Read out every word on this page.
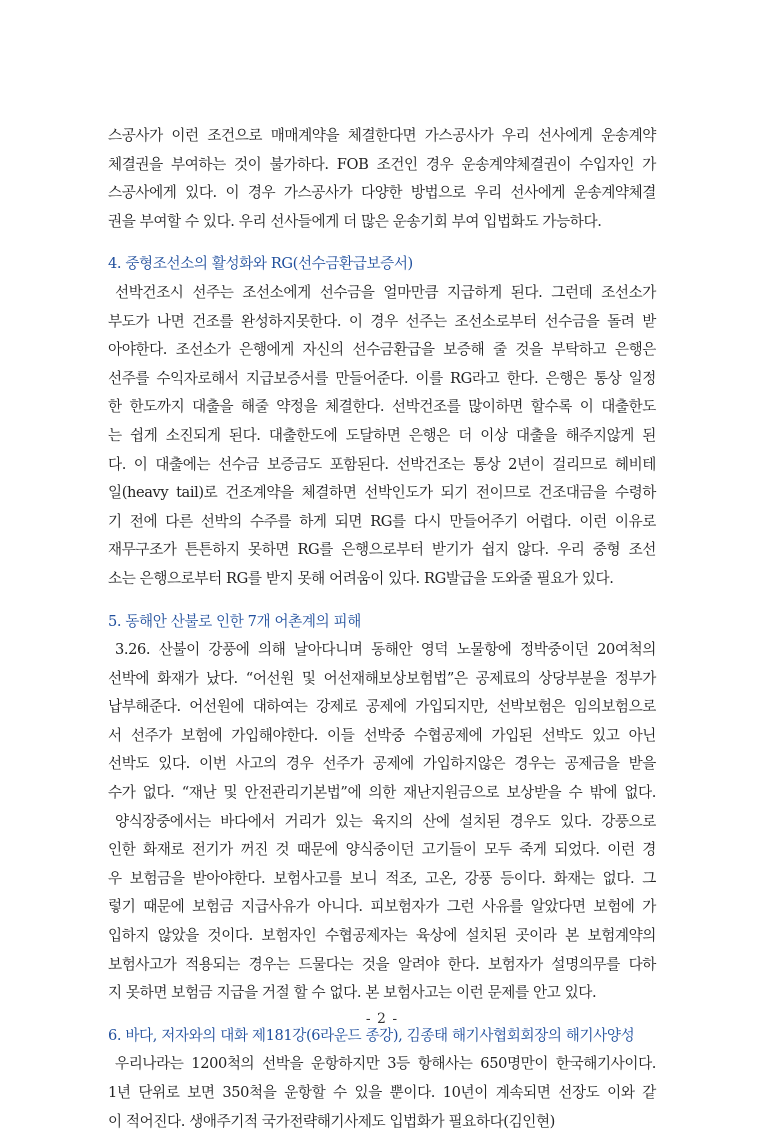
스공사가 이런 조건으로 매매계약을 체결한다면 가스공사가 우리 선사에게 운송계약
체결권을 부여하는 것이 불가하다. FOB 조건인 경우 운송계약체결권이 수입자인 가
스공사에게 있다. 이 경우 가스공사가 다양한 방법으로 우리 선사에게 운송계약체결
권을 부여할 수 있다. 우리 선사들에게 더 많은 운송기회 부여 입법화도 가능하다.
4. 중형조선소의 활성화와 RG(선수금환급보증서)
선박건조시 선주는 조선소에게 선수금을 얼마만큼 지급하게 된다. 그런데 조선소가
부도가 나면 건조를 완성하지못한다. 이 경우 선주는 조선소로부터 선수금을 돌려 받
아야한다. 조선소가 은행에게 자신의 선수금환급을 보증해 줄 것을 부탁하고 은행은
선주를 수익자로해서 지급보증서를 만들어준다. 이를 RG라고 한다. 은행은 통상 일정
한 한도까지 대출을 해줄 약정을 체결한다. 선박건조를 많이하면 할수록 이 대출한도
는 쉽게 소진되게 된다. 대출한도에 도달하면 은행은 더 이상 대출을 해주지않게 된
다. 이 대출에는 선수금 보증금도 포함된다. 선박건조는 통상 2년이 걸리므로 헤비테
일(heavy tail)로 건조계약을 체결하면 선박인도가 되기 전이므로 건조대금을 수령하
기 전에 다른 선박의 수주를 하게 되면 RG를 다시 만들어주기 어렵다. 이런 이유로
재무구조가 튼튼하지 못하면 RG를 은행으로부터 받기가 쉽지 않다. 우리 중형 조선
소는 은행으로부터 RG를 받지 못해 어려움이 있다. RG발급을 도와줄 필요가 있다.
5. 동해안 산불로 인한 7개 어촌계의 피해
3.26. 산불이 강풍에 의해 날아다니며 동해안 영덕 노물항에 정박중이던 20여척의
선박에 화재가 났다. “어선원 및 어선재해보상보험법”은 공제료의 상당부분을 정부가
납부해준다. 어선원에 대하여는 강제로 공제에 가입되지만, 선박보험은 임의보험으로
서 선주가 보험에 가입해야한다. 이들 선박중 수협공제에 가입된 선박도 있고 아닌
선박도 있다. 이번 사고의 경우 선주가 공제에 가입하지않은 경우는 공제금을 받을
수가 없다. “재난 및 안전관리기본법”에 의한 재난지원금으로 보상받을 수 밖에 없다.
양식장중에서는 바다에서 거리가 있는 육지의 산에 설치된 경우도 있다. 강풍으로
인한 화재로 전기가 꺼진 것 때문에 양식중이던 고기들이 모두 죽게 되었다. 이런 경
우 보험금을 받아야한다. 보험사고를 보니 적조, 고온, 강풍 등이다. 화재는 없다. 그
렇기 때문에 보험금 지급사유가 아니다. 피보험자가 그런 사유를 알았다면 보험에 가
입하지 않았을 것이다. 보험자인 수협공제자는 육상에 설치된 곳이라 본 보험계약의
보험사고가 적용되는 경우는 드물다는 것을 알려야 한다. 보험자가 설명의무를 다하
지 못하면 보험금 지급을 거절 할 수 없다. 본 보험사고는 이런 문제를 안고 있다.
6. 바다, 저자와의 대화 제181강(6라운드 종강), 김종태 해기사협회회장의 해기사양성
우리나라는 1200척의 선박을 운항하지만 3등 항해사는 650명만이 한국해기사이다.
1년 단위로 보면 350척을 운항할 수 있을 뿐이다. 10년이 계속되면 선장도 이와 같
이 적어진다. 생애주기적 국가전략해기사제도 입법화가 필요하다(김인현)
- 2 -
